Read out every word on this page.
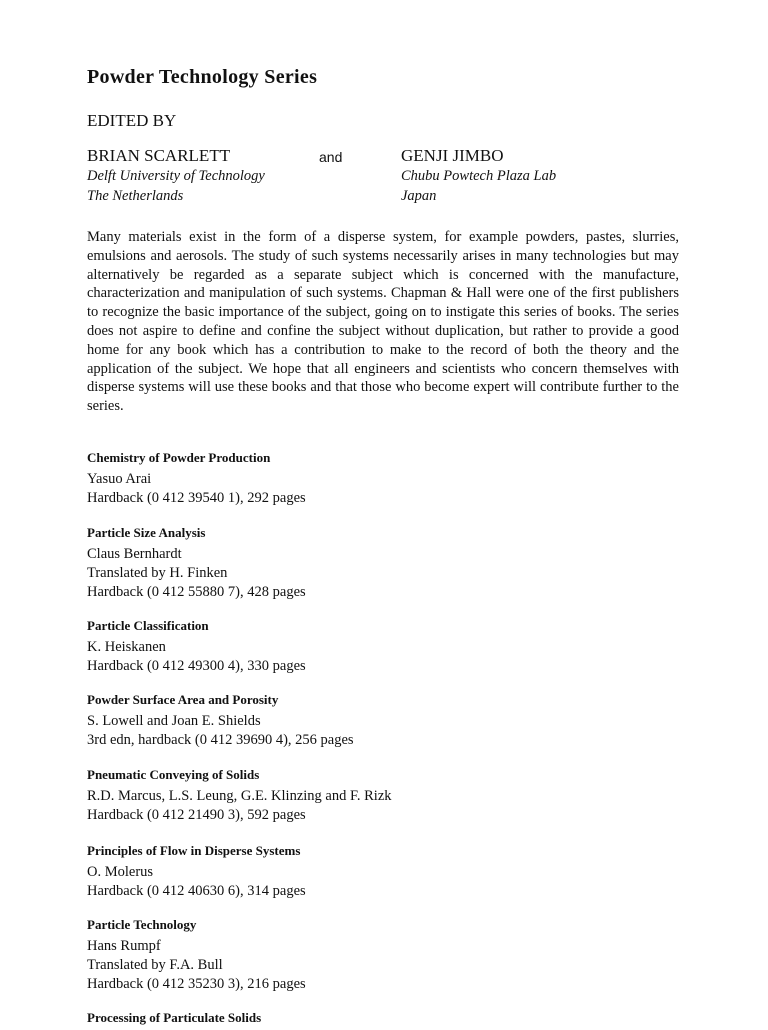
Powder Technology Series
EDITED BY
BRIAN SCARLETT	and	GENJI JIMBO
Delft University of Technology
The Netherlands
Chubu Powtech Plaza Lab
Japan

Many materials exist in the form of a disperse system, for example powders, pastes, slurries, emulsions and aerosols. The study of such systems necessarily arises in many technologies but may alternatively be regarded as a separate subject which is concerned with the manufacture, characterization and manipulation of such systems. Chapman & Hall were one of the first publishers to recognize the basic importance of the subject, going on to instigate this series of books. The series does not aspire to define and confine the subject without duplication, but rather to provide a good home for any book which has a contribution to make to the record of both the theory and the application of the subject. We hope that all engineers and scientists who concern themselves with disperse systems will use these books and that those who become expert will contribute further to the series.

Chemistry of Powder Production
Yasuo Arai
Hardback (0 412 39540 1), 292 pages
Particle Size Analysis
Claus Bernhardt
Translated by H. Finken
Hardback (0 412 55880 7), 428 pages
Particle Classification
K. Heiskanen
Hardback (0 412 49300 4), 330 pages
Powder Surface Area and Porosity
S. Lowell and Joan E. Shields
3rd edn, hardback (0 412 39690 4), 256 pages
Pneumatic Conveying of Solids
R.D. Marcus, L.S. Leung, G.E. Klinzing and F. Rizk
Hardback (0 412 21490 3), 592 pages
Principles of Flow in Disperse Systems
O. Molerus
Hardback (0 412 40630 6), 314 pages
Particle Technology
Hans Rumpf
Translated by F.A. Bull
Hardback (0 412 35230 3), 216 pages
Processing of Particulate Solids
